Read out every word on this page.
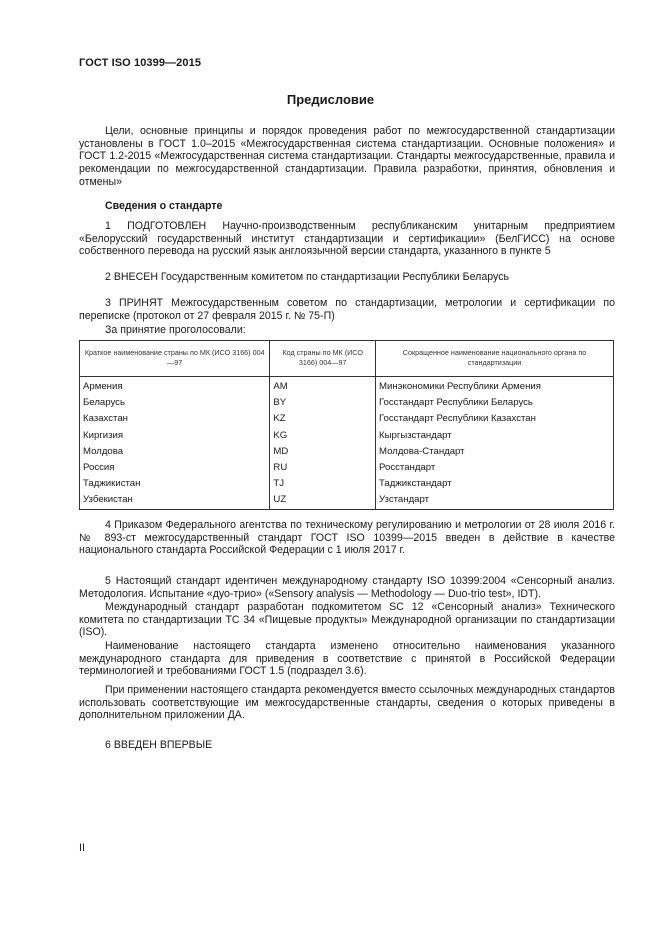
ГОСТ ISO 10399—2015
Предисловие
Цели, основные принципы и порядок проведения работ по межгосударственной стандартизации установлены в ГОСТ 1.0–2015 «Межгосударственная система стандартизации. Основные положения» и ГОСТ 1.2-2015 «Межгосударственная система стандартизации. Стандарты межгосударственные, правила и рекомендации по межгосударственной стандартизации. Правила разработки, принятия, обновления и отмены»
Сведения о стандарте
1 ПОДГОТОВЛЕН Научно-производственным республиканским унитарным предприятием «Белорусский государственный институт стандартизации и сертификации» (БелГИСС) на основе собственного перевода на русский язык англоязычной версии стандарта, указанного в пункте 5
2 ВНЕСЕН Государственным комитетом по стандартизации Республики Беларусь
3 ПРИНЯТ Межгосударственным советом по стандартизации, метрологии и сертификации по переписке (протокол от 27 февраля 2015 г. № 75-П)
За принятие проголосовали:
Краткое наименование страны по МК (ИСО 3166) 004—97	Код страны по МК (ИСО 3166) 004—97	Сокращенное наименование национального органа по стандартизации
Армения	AM	Минэкономики Республики Армения
Беларусь	BY	Госстандарт Республики Беларусь
Казахстан	KZ	Госстандарт Республики Казахстан
Киргизия	KG	Кыргызстандарт
Молдова	MD	Молдова-Стандарт
Россия	RU	Росстандарт
Таджикистан	TJ	Таджикстандарт
Узбекистан	UZ	Узстандарт
4 Приказом Федерального агентства по техническому регулированию и метрологии от 28 июля 2016 г. № 893-ст межгосударственный стандарт ГОСТ ISO 10399—2015 введен в действие в качестве национального стандарта Российской Федерации с 1 июля 2017 г.
5 Настоящий стандарт идентичен международному стандарту ISO 10399:2004 «Сенсорный анализ. Методология. Испытание «дуо-трио» («Sensory analysis — Methodology — Duo-trio test», IDT).
Международный стандарт разработан подкомитетом SC 12 «Сенсорный анализ» Технического комитета по стандартизации ТС 34 «Пищевые продукты» Международной организации по стандартизации (ISO).
Наименование настоящего стандарта изменено относительно наименования указанного международного стандарта для приведения в соответствие с принятой в Российской Федерации терминологией и требованиями ГОСТ 1.5 (подраздел 3.6).
При применении настоящего стандарта рекомендуется вместо ссылочных международных стандартов использовать соответствующие им межгосударственные стандарты, сведения о которых приведены в дополнительном приложении ДА.
6 ВВЕДЕН ВПЕРВЫЕ
II
